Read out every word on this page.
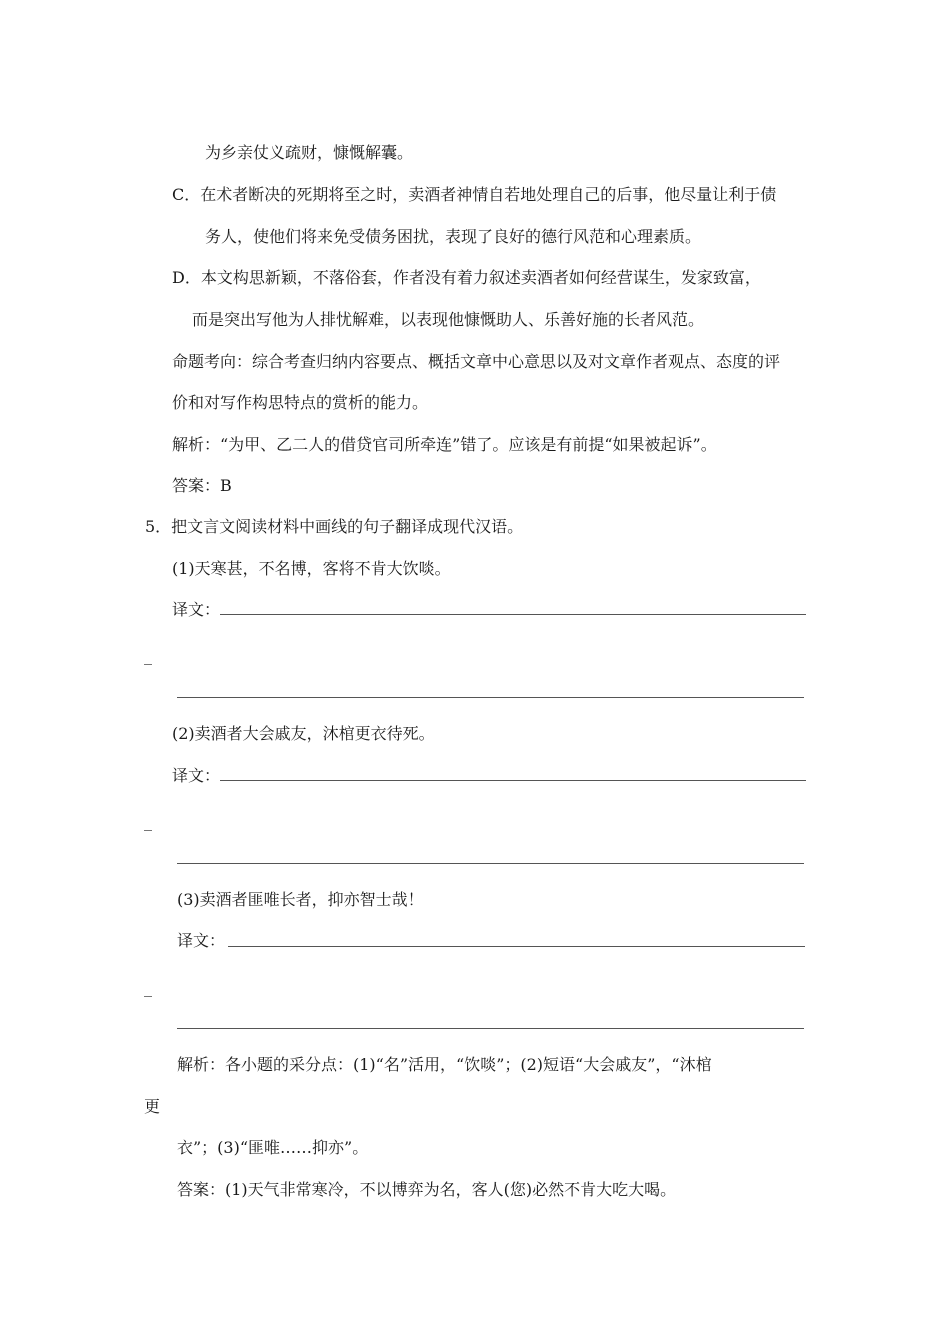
为乡亲仗义疏财，慷慨解囊。
C．在术者断决的死期将至之时，卖酒者神情自若地处理自己的后事，他尽量让利于债
务人，使他们将来免受债务困扰，表现了良好的德行风范和心理素质。
D．本文构思新颖，不落俗套，作者没有着力叙述卖酒者如何经营谋生，发家致富，
而是突出写他为人排忧解难，以表现他慷慨助人、乐善好施的长者风范。
命题考向：综合考查归纳内容要点、概括文章中心意思以及对文章作者观点、态度的评
价和对写作构思特点的赏析的能力。
解析：“为甲、乙二人的借贷官司所牵连”错了。应该是有前提“如果被起诉”。
答案：B
5．把文言文阅读材料中画线的句子翻译成现代汉语。
(1)天寒甚，不名博，客将不肯大饮啖。
译文：
_
(2)卖酒者大会戚友，沐棺更衣待死。
译文：
_
(3)卖酒者匪唯长者，抑亦智士哉！
译文：
_
解析：各小题的采分点：(1)“名”活用，“饮啖”；(2)短语“大会戚友”，“沐棺
更
衣”；(3)“匪唯……抑亦”。
答案：(1)天气非常寒冷，不以博弈为名，客人(您)必然不肯大吃大喝。
